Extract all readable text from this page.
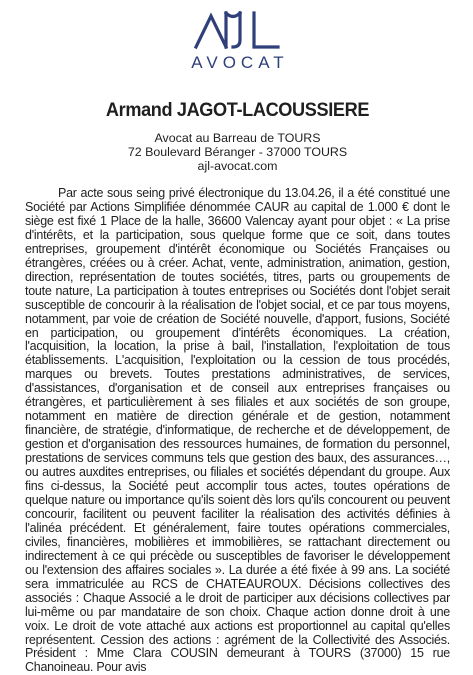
AVOCAT
Armand JAGOT-LACOUSSIERE
Avocat au Barreau de TOURS
72 Boulevard Béranger - 37000 TOURS
ajl-avocat.com
Par acte sous seing privé électronique du 13.04.26, il a été constitué une Société par Actions Simplifiée dénommée CAUR au capital de 1.000 € dont le siège est fixé 1 Place de la halle, 36600 Valencay ayant pour objet : « La prise d'intérêts, et la participation, sous quelque forme que ce soit, dans toutes entreprises, groupement d'intérêt économique ou Sociétés Françaises ou étrangères, créées ou à créer. Achat, vente, administration, animation, gestion, direction, représentation de toutes sociétés, titres, parts ou groupements de toute nature, La participation à toutes entreprises ou Sociétés dont l'objet serait susceptible de concourir à la réalisation de l'objet social, et ce par tous moyens, notamment, par voie de création de Société nouvelle, d'apport, fusions, Société en participation, ou groupement d'intérêts économiques. La création, l'acquisition, la location, la prise à bail, l'installation, l'exploitation de tous établissements. L'acquisition, l'exploitation ou la cession de tous procédés, marques ou brevets. Toutes prestations administratives, de services, d'assistances, d'organisation et de conseil aux entreprises françaises ou étrangères, et particulièrement à ses filiales et aux sociétés de son groupe, notamment en matière de direction générale et de gestion, notamment financière, de stratégie, d'informatique, de recherche et de développement, de gestion et d'organisation des ressources humaines, de formation du personnel, prestations de services communs tels que gestion des baux, des assurances…, ou autres auxdites entreprises, ou filiales et sociétés dépendant du groupe. Aux fins ci-dessus, la Société peut accomplir tous actes, toutes opérations de quelque nature ou importance qu'ils soient dès lors qu'ils concourent ou peuvent concourir, facilitent ou peuvent faciliter la réalisation des activités définies à l'alinéa précédent. Et généralement, faire toutes opérations commerciales, civiles, financières, mobilières et immobilières, se rattachant directement ou indirectement à ce qui précède ou susceptibles de favoriser le développement ou l'extension des affaires sociales ». La durée a été fixée à 99 ans. La société sera immatriculée au RCS de CHATEAUROUX. Décisions collectives des associés : Chaque Associé a le droit de participer aux décisions collectives par lui-même ou par mandataire de son choix. Chaque action donne droit à une voix. Le droit de vote attaché aux actions est proportionnel au capital qu'elles représentent. Cession des actions : agrément de la Collectivité des Associés. Président : Mme Clara COUSIN demeurant à TOURS (37000) 15 rue Chanoineau. Pour avis
